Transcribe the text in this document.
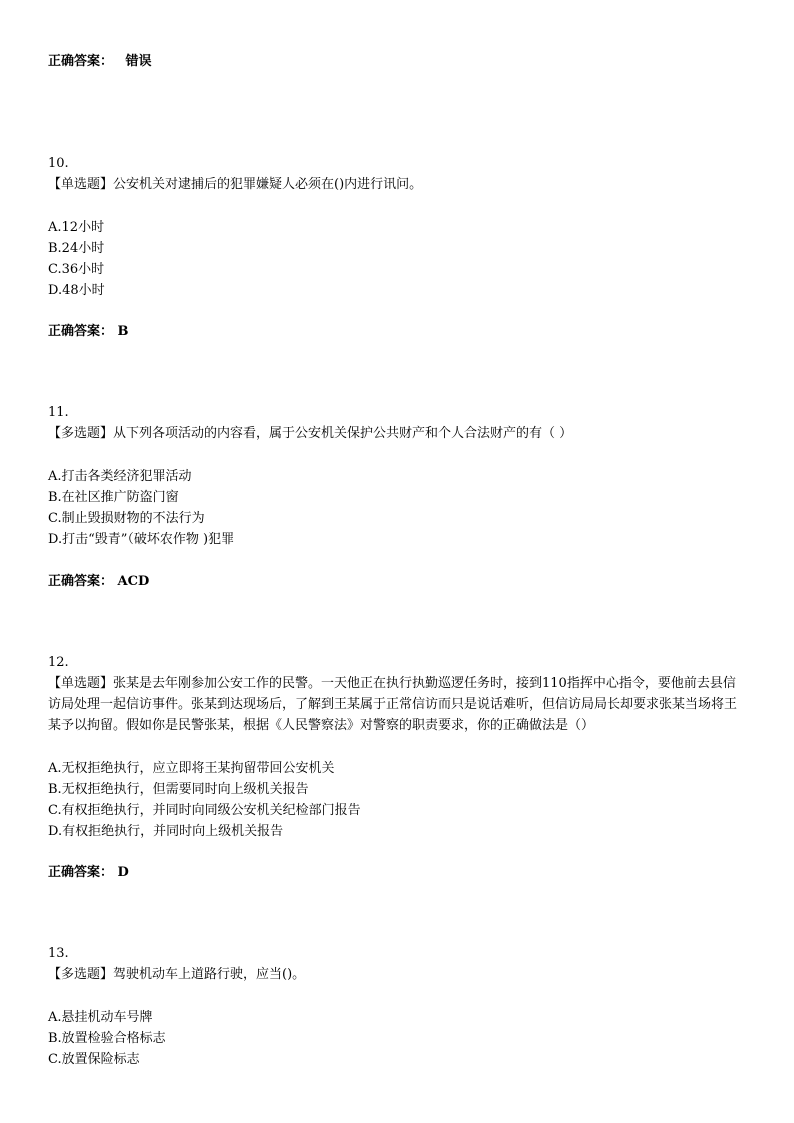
正确答案： 错误
10.
【单选题】公安机关对逮捕后的犯罪嫌疑人必须在()内进行讯问。
A.12小时
B.24小时
C.36小时
D.48小时
正确答案： B
11.
【多选题】从下列各项活动的内容看，属于公安机关保护公共财产和个人合法财产的有（ ）
A.打击各类经济犯罪活动
B.在社区推广防盗门窗
C.制止毁损财物的不法行为
D.打击“毁青”（破坏农作物 )犯罪
正确答案： ACD
12.
【单选题】张某是去年刚参加公安工作的民警。一天他正在执行执勤巡逻任务时，接到110指挥中心指令，要他前去县信访局处理一起信访事件。张某到达现场后，了解到王某属于正常信访而只是说话难听，但信访局局长却要求张某当场将王某予以拘留。假如你是民警张某，根据《人民警察法》对警察的职责要求，你的正确做法是（）
A.无权拒绝执行，应立即将王某拘留带回公安机关
B.无权拒绝执行，但需要同时向上级机关报告
C.有权拒绝执行，并同时向同级公安机关纪检部门报告
D.有权拒绝执行，并同时向上级机关报告
正确答案： D
13.
【多选题】驾驶机动车上道路行驶，应当()。
A.悬挂机动车号牌
B.放置检验合格标志
C.放置保险标志
